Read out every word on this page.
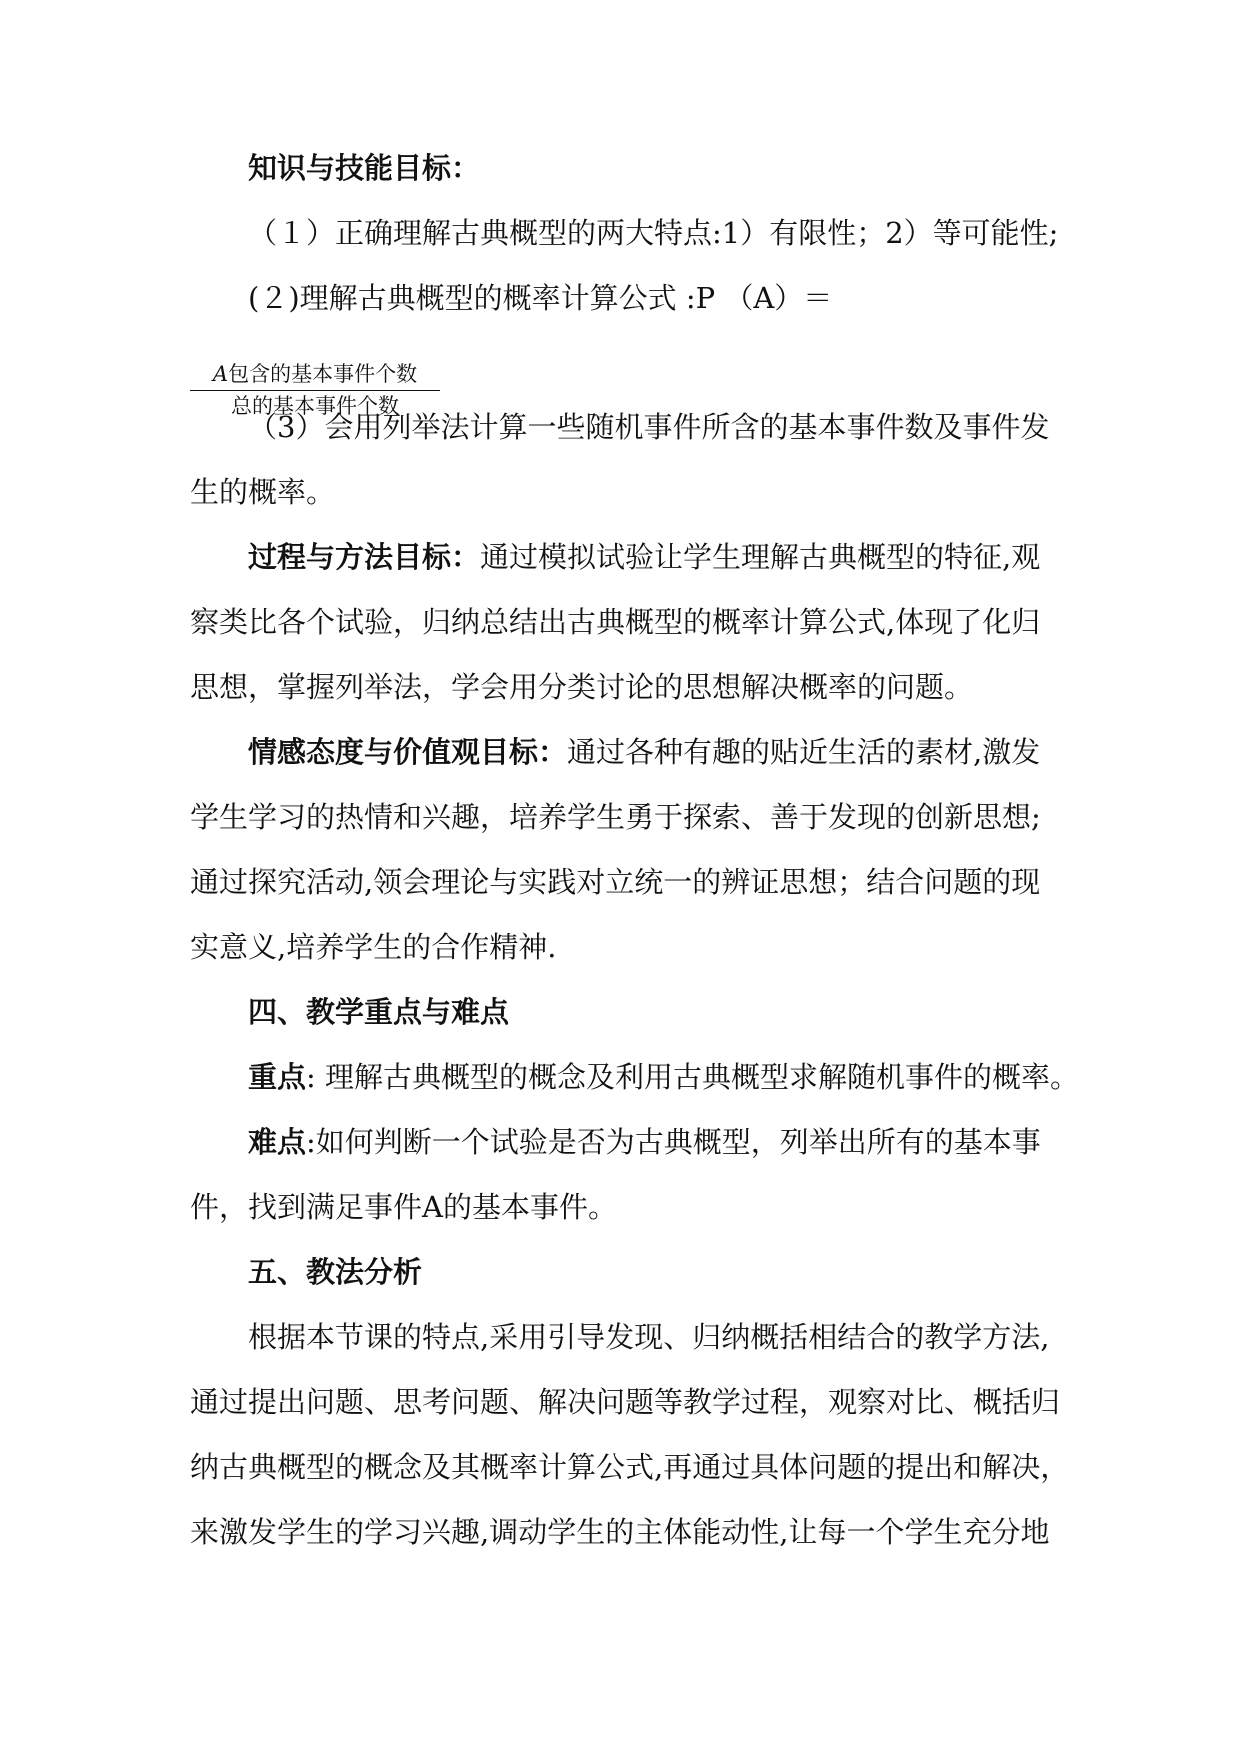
知识与技能目标：
（１）正确理解古典概型的两大特点:1）有限性；2）等可能性;
(２)理解古典概型的概率计算公式 :P （A）＝
A包含的基本事件个数
总的基本事件个数
（3）会用列举法计算一些随机事件所含的基本事件数及事件发
生的概率。
过程与方法目标：通过模拟试验让学生理解古典概型的特征,观
察类比各个试验，归纳总结出古典概型的概率计算公式,体现了化归
思想，掌握列举法，学会用分类讨论的思想解决概率的问题。
情感态度与价值观目标：通过各种有趣的贴近生活的素材,激发
学生学习的热情和兴趣，培养学生勇于探索、善于发现的创新思想;
通过探究活动,领会理论与实践对立统一的辨证思想；结合问题的现
实意义,培养学生的合作精神.
四、教学重点与难点
重点: 理解古典概型的概念及利用古典概型求解随机事件的概率。
难点:如何判断一个试验是否为古典概型，列举出所有的基本事
件，找到满足事件A的基本事件。
五、教法分析
根据本节课的特点,采用引导发现、归纳概括相结合的教学方法,
通过提出问题、思考问题、解决问题等教学过程，观察对比、概括归
纳古典概型的概念及其概率计算公式,再通过具体问题的提出和解决，
来激发学生的学习兴趣,调动学生的主体能动性,让每一个学生充分地
